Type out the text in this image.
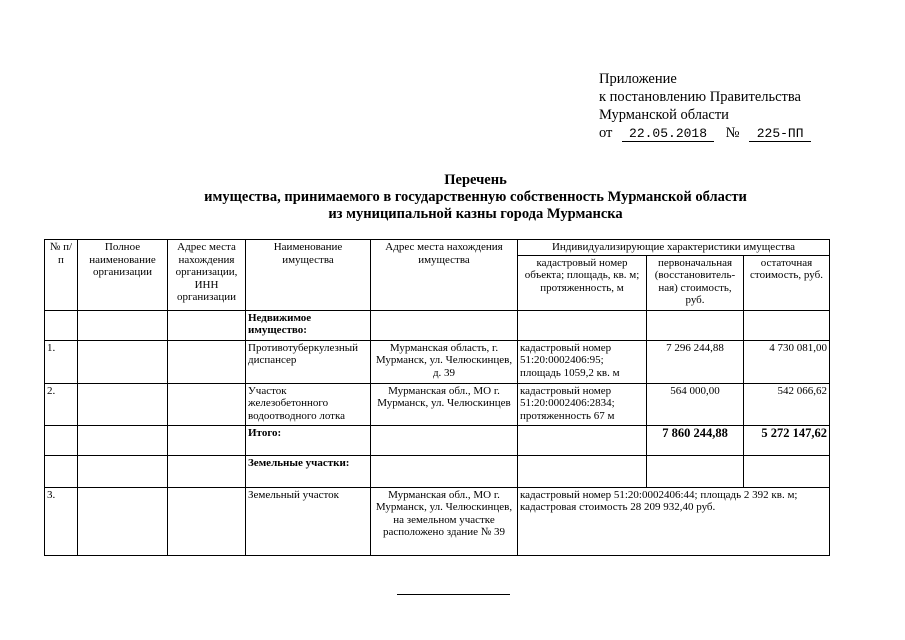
Приложение
к постановлению Правительства
Мурманской области
от 22.05.2018 № 225-ПП
Перечень
имущества, принимаемого в государственную собственность Мурманской области
из муниципальной казны города Мурманска
№ п/п	Полное наименование организации	Адрес места нахождения организации, ИНН организации	Наименование имущества	Адрес места нахождения имущества	Индивидуализирующие характеристики имущества		
					кадастровый номер объекта; площадь, кв. м; протяженность, м	первоначальная (восстановитель-ная) стоимость, руб.	остаточная стоимость, руб.
			Недвижимое имущество:				
1.			Противотуберкулезный диспансер	Мурманская область, г. Мурманск, ул. Челюскинцев, д. 39	кадастровый номер 51:20:0002406:95; площадь 1059,2 кв. м	7 296 244,88	4 730 081,00
2.			Участок железобетонного водоотводного лотка	Мурманская обл., МО г. Мурманск, ул. Челюскинцев	кадастровый номер 51:20:0002406:2834; протяженность 67 м	564 000,00	542 066,62
			Итого:			7 860 244,88	5 272 147,62
			Земельные участки:				
3.			Земельный участок	Мурманская обл., МО г. Мурманск, ул. Челюскинцев, на земельном участке расположено здание № 39	кадастровый номер 51:20:0002406:44; площадь 2 392 кв. м; кадастровая стоимость 28 209 932,40 руб.		
